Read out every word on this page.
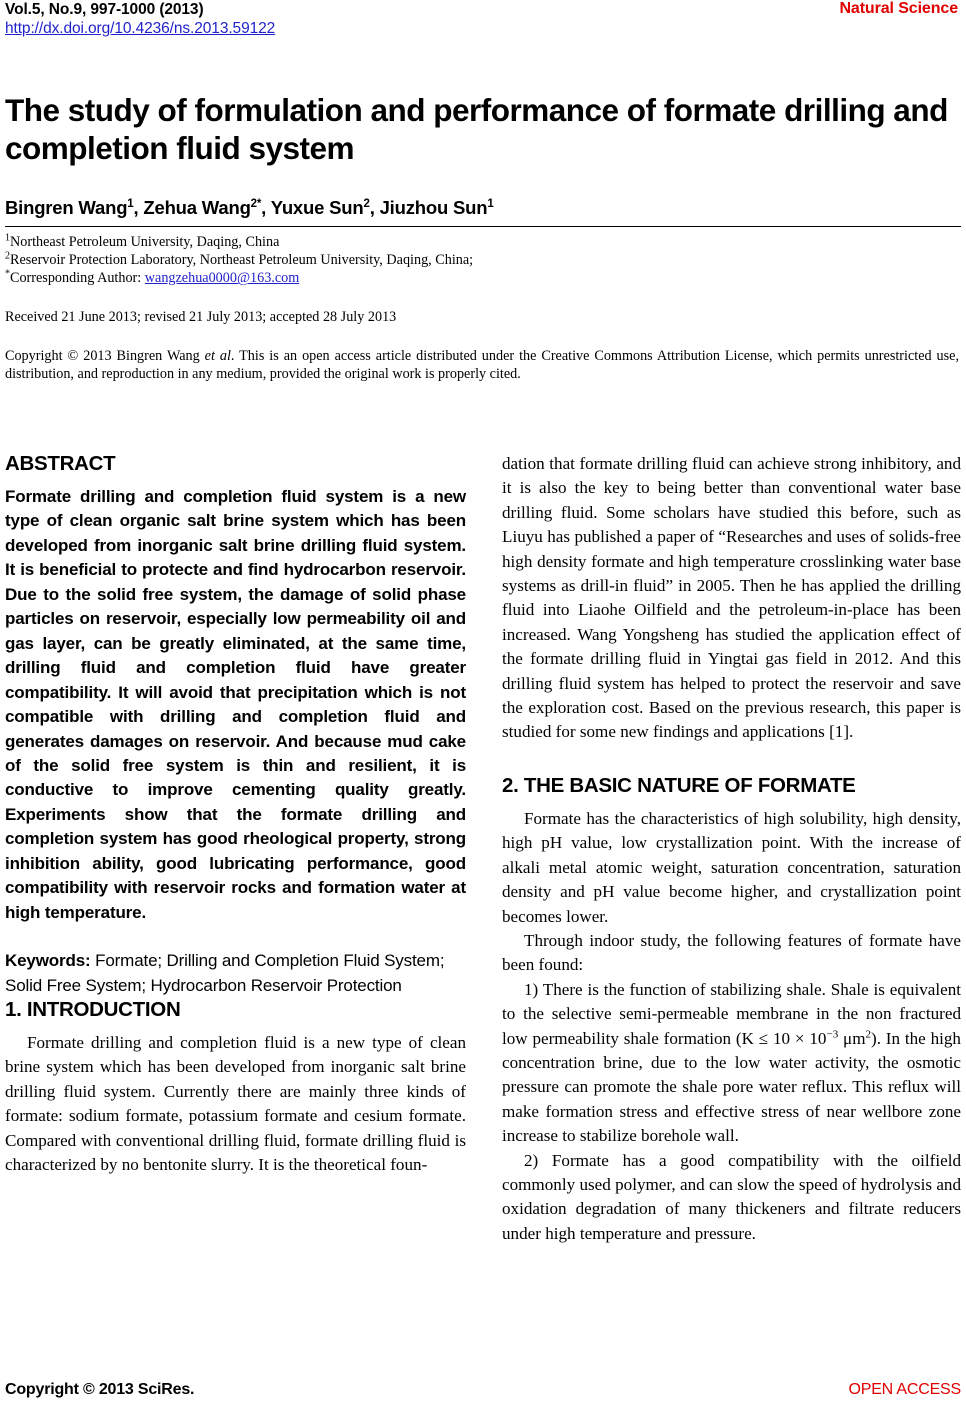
Vol.5, No.9, 997-1000 (2013)
http://dx.doi.org/10.4236/ns.2013.59122
Natural Science
The study of formulation and performance of formate drilling and completion fluid system
Bingren Wang$^1$, Zehua Wang$^{2*}$, Yuxue Sun$^2$, Jiuzhou Sun$^1$
$^1$Northeast Petroleum University, Daqing, China
$^2$Reservoir Protection Laboratory, Northeast Petroleum University, Daqing, China;
*Corresponding Author: wangzehua0000@163.com
Received 21 June 2013; revised 21 July 2013; accepted 28 July 2013
Copyright © 2013 Bingren Wang et al. This is an open access article distributed under the Creative Commons Attribution License, which permits unrestricted use, distribution, and reproduction in any medium, provided the original work is properly cited.
ABSTRACT

Formate drilling and completion fluid system is a new type of clean organic salt brine system which has been developed from inorganic salt brine drilling fluid system. It is beneficial to protecte and find hydrocarbon reservoir. Due to the solid free system, the damage of solid phase particles on reservoir, especially low permeability oil and gas layer, can be greatly eliminated, at the same time, drilling fluid and completion fluid have greater compatibility. It will avoid that precipitation which is not compatible with drilling and completion fluid and generates damages on reservoir. And because mud cake of the solid free system is thin and resilient, it is conductive to improve cementing quality greatly. Experiments show that the formate drilling and completion system has good rheological property, strong inhibition ability, good lubricating performance, good compatibility with reservoir rocks and formation water at high temperature.

Keywords: Formate; Drilling and Completion Fluid System; Solid Free System; Hydrocarbon Reservoir Protection

1. INTRODUCTION

Formate drilling and completion fluid is a new type of clean brine system which has been developed from inorganic salt brine drilling fluid system. Currently there are mainly three kinds of formate: sodium formate, potassium formate and cesium formate. Compared with conventional drilling fluid, formate drilling fluid is characterized by no bentonite slurry. It is the theoretical foun-

dation that formate drilling fluid can achieve strong inhibitory, and it is also the key to being better than conventional water base drilling fluid. Some scholars have studied this before, such as Liuyu has published a paper of “Researches and uses of solids-free high density formate and high temperature crosslinking water base systems as drill-in fluid” in 2005. Then he has applied the drilling fluid into Liaohe Oilfield and the petroleum-in-place has been increased. Wang Yongsheng has studied the application effect of the formate drilling fluid in Yingtai gas field in 2012. And this drilling fluid system has helped to protect the reservoir and save the exploration cost. Based on the previous research, this paper is studied for some new findings and applications [1].

2. THE BASIC NATURE OF FORMATE

Formate has the characteristics of high solubility, high density, high pH value, low crystallization point. With the increase of alkali metal atomic weight, saturation concentration, saturation density and pH value become higher, and crystallization point becomes lower.

Through indoor study, the following features of formate have been found:

1) There is the function of stabilizing shale. Shale is equivalent to the selective semi-permeable membrane in the non fractured low permeability shale formation ($K \le 10 \times 10^{-3}$ $\mu m^2$). In the high concentration brine, due to the low water activity, the osmotic pressure can promote the shale pore water reflux. This reflux will make formation stress and effective stress of near wellbore zone increase to stabilize borehole wall.

2) Formate has a good compatibility with the oilfield commonly used polymer, and can slow the speed of hydrolysis and oxidation degradation of many thickeners and filtrate reducers under high temperature and pressure.

Copyright © 2013 SciRes.	OPEN ACCESS
